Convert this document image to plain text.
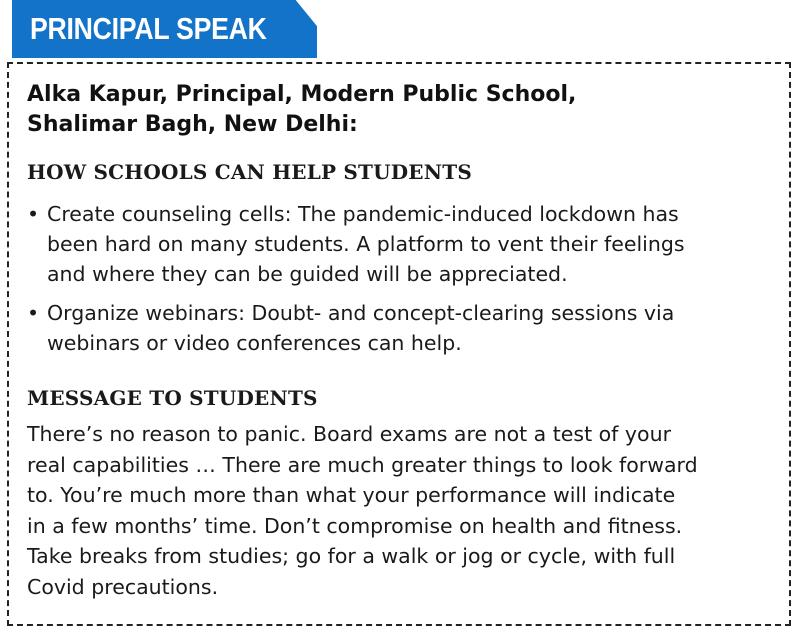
PRINCIPAL SPEAK
Alka Kapur, Principal, Modern Public School,
Shalimar Bagh, New Delhi:
HOW SCHOOLS CAN HELP STUDENTS
• Create counseling cells: The pandemic-induced lockdown has
been hard on many students. A platform to vent their feelings
and where they can be guided will be appreciated.
• Organize webinars: Doubt- and concept-clearing sessions via
webinars or video conferences can help.
MESSAGE TO STUDENTS

There’s no reason to panic. Board exams are not a test of your
real capabilities … There are much greater things to look forward
to. You’re much more than what your performance will indicate
in a few months’ time. Don’t compromise on health and fitness.
Take breaks from studies; go for a walk or jog or cycle, with full
Covid precautions.
